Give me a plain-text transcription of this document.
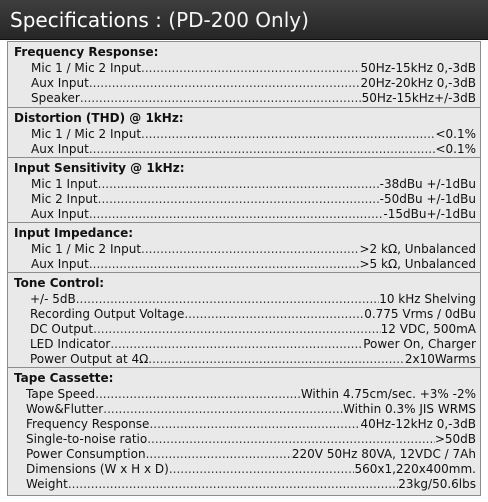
Specifications : (PD-200 Only)
Frequency Response:
Mic 1 / Mic 2 Input .....	50Hz-15kHz 0,-3dB
Aux Input .....	20Hz-20kHz 0,-3dB
Speaker .....	50Hz-15kHz+/-3dB
Distortion (THD) @ 1kHz:
Mic 1 / Mic 2 Input .....	<0.1%
Aux Input .....	<0.1%
Input Sensitivity @ 1kHz:
Mic 1 Input .....	-38dBu +/-1dBu
Mic 2 Input .....	-50dBu +/-1dBu
Aux Input .....	-15dBu+/-1dBu
Input Impedance:
Mic 1 / Mic 2 Input .....	>2 kΩ, Unbalanced
Aux Input .....	>5 kΩ, Unbalanced
Tone Control:
+/- 5dB .....	10 kHz Shelving
Recording Output Voltage .....	0.775 Vrms / 0dBu
DC Output .....	12 VDC, 500mA
LED Indicator .....	Power On, Charger
Power Output at 4Ω .....	2x10Warms
Tape Cassette:
Tape Speed .....	Within 4.75cm/sec. +3% -2%
Wow&Flutter .....	Within 0.3% JIS WRMS
Frequency Response .....	40Hz-12kHz 0,-3dB
Single-to-noise ratio .....	>50dB
Power Consumption .....	220V 50Hz 80VA, 12VDC / 7Ah
Dimensions (W x H x D) .....	560x1,220x400mm.
Weight .....	23kg/50.6lbs
